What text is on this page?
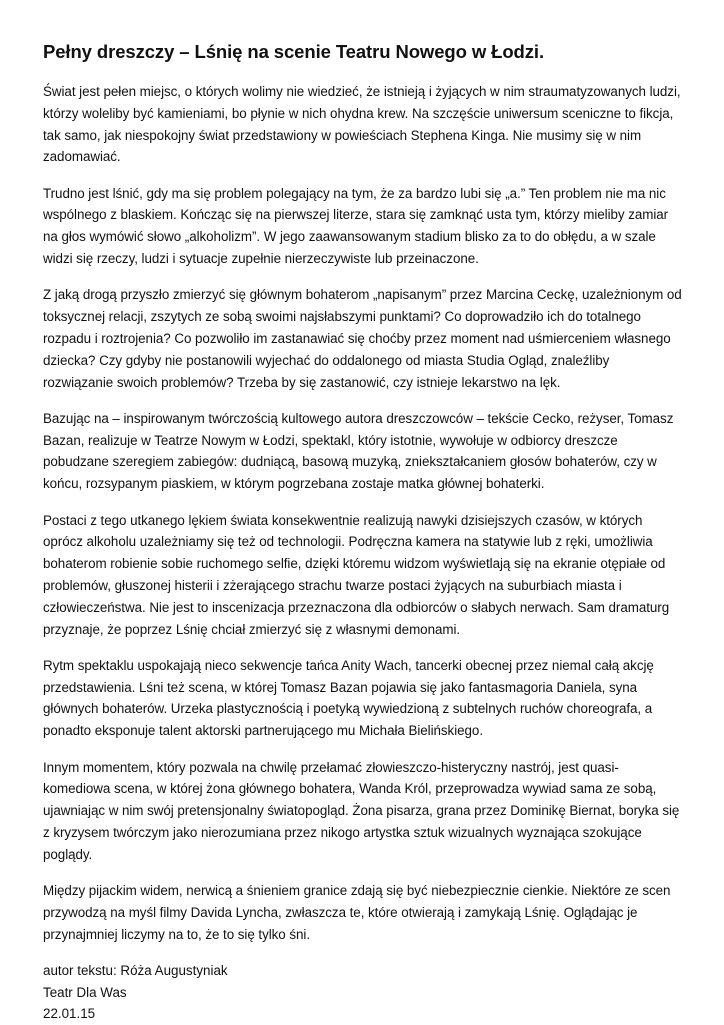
Pełny dreszczy – Lśnię na scenie Teatru Nowego w Łodzi.

Świat jest pełen miejsc, o których wolimy nie wiedzieć, że istnieją i żyjących w nim straumatyzowanych ludzi, którzy woleliby być kamieniami, bo płynie w nich ohydna krew. Na szczęście uniwersum sceniczne to fikcja, tak samo, jak niespokojny świat przedstawiony w powieściach Stephena Kinga. Nie musimy się w nim zadomawiać.

Trudno jest lśnić, gdy ma się problem polegający na tym, że za bardzo lubi się „a.” Ten problem nie ma nic wspólnego z blaskiem. Kończąc się na pierwszej literze, stara się zamknąć usta tym, którzy mieliby zamiar na głos wymówić słowo „alkoholizm”. W jego zaawansowanym stadium blisko za to do obłędu, a w szale widzi się rzeczy, ludzi i sytuacje zupełnie nierzeczywiste lub przeinaczone.

Z jaką drogą przyszło zmierzyć się głównym bohaterom „napisanym” przez Marcina Ceckę, uzależnionym od toksycznej relacji, zszytych ze sobą swoimi najsłabszymi punktami? Co doprowadziło ich do totalnego rozpadu i roztrojenia? Co pozwoliło im zastanawiać się choćby przez moment nad uśmierceniem własnego dziecka? Czy gdyby nie postanowili wyjechać do oddalonego od miasta Studia Ogląd, znaleźliby rozwiązanie swoich problemów? Trzeba by się zastanowić, czy istnieje lekarstwo na lęk.

Bazując na – inspirowanym twórczością kultowego autora dreszczowców – tekście Cecko, reżyser, Tomasz Bazan, realizuje w Teatrze Nowym w Łodzi, spektakl, który istotnie, wywołuje w odbiorcy dreszcze pobudzane szeregiem zabiegów: dudniącą, basową muzyką, zniekształcaniem głosów bohaterów, czy w końcu, rozsypanym piaskiem, w którym pogrzebana zostaje matka głównej bohaterki.

Postaci z tego utkanego lękiem świata konsekwentnie realizują nawyki dzisiejszych czasów, w których oprócz alkoholu uzależniamy się też od technologii. Podręczna kamera na statywie lub z ręki, umożliwia bohaterom robienie sobie ruchomego selfie, dzięki któremu widzom wyświetlają się na ekranie otępiałe od problemów, głuszonej histerii i zżerającego strachu twarze postaci żyjących na suburbiach miasta i człowieczeństwa. Nie jest to inscenizacja przeznaczona dla odbiorców o słabych nerwach. Sam dramaturg przyznaje, że poprzez Lśnię chciał zmierzyć się z własnymi demonami.

Rytm spektaklu uspokajają nieco sekwencje tańca Anity Wach, tancerki obecnej przez niemal całą akcję przedstawienia. Lśni też scena, w której Tomasz Bazan pojawia się jako fantasmagoria Daniela, syna głównych bohaterów. Urzeka plastycznością i poetyką wywiedzioną z subtelnych ruchów choreografa, a ponadto eksponuje talent aktorski partnerującego mu Michała Bielińskiego.

Innym momentem, który pozwala na chwilę przełamać złowieszczo-histeryczny nastrój, jest quasi-komediowa scena, w której żona głównego bohatera, Wanda Król, przeprowadza wywiad sama ze sobą, ujawniając w nim swój pretensjonalny światopogląd. Żona pisarza, grana przez Dominikę Biernat, boryka się z kryzysem twórczym jako nierozumiana przez nikogo artystka sztuk wizualnych wyznająca szokujące poglądy.

Między pijackim widem, nerwicą a śnieniem granice zdają się być niebezpiecznie cienkie. Niektóre ze scen przywodzą na myśl filmy Davida Lyncha, zwłaszcza te, które otwierają i zamykają Lśnię. Oglądając je przynajmniej liczymy na to, że to się tylko śni.

autor tekstu: Róża Augustyniak
Teatr Dla Was
22.01.15
